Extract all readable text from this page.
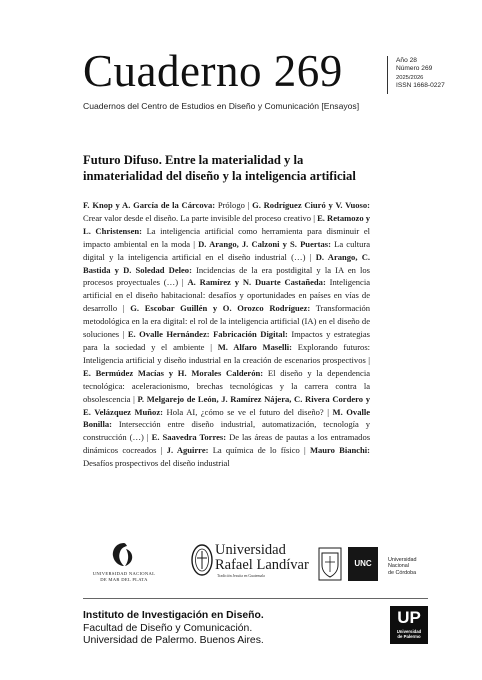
Cuaderno 269
Cuadernos del Centro de Estudios en Diseño y Comunicación [Ensayos]
Año 28
Número 269
2025/2026
ISSN 1668-0227
Futuro Difuso. Entre la materialidad y la inmaterialidad del diseño y la inteligencia artificial
F. Knop y A. García de la Cárcova: Prólogo | G. Rodríguez Ciuró y V. Vuoso: Crear valor desde el diseño. La parte invisible del proceso creativo | E. Retamozo y L. Christensen: La inteligencia artificial como herramienta para disminuir el impacto ambiental en la moda | D. Arango, J. Calzoni y S. Puertas: La cultura digital y la inteligencia artificial en el diseño industrial (…) | D. Arango, C. Bastida y D. Soledad Deleo: Incidencias de la era postdigital y la IA en los procesos proyectuales (…) | A. Ramírez y N. Duarte Castañeda: Inteligencia artificial en el diseño habitacional: desafíos y oportunidades en países en vías de desarrollo | G. Escobar Guillén y O. Orozco Rodríguez: Transformación metodológica en la era digital: el rol de la inteligencia artificial (IA) en el diseño de soluciones | E. Ovalle Hernández: Fabricación Digital: Impactos y estrategias para la sociedad y el ambiente | M. Alfaro Maselli: Explorando futuros: Inteligencia artificial y diseño industrial en la creación de escenarios prospectivos | E. Bermúdez Macías y H. Morales Calderón: El diseño y la dependencia tecnológica: aceleracionismo, brechas tecnológicas y la carrera contra la obsolescencia | P. Melgarejo de León, J. Ramírez Nájera, C. Rivera Cordero y E. Velázquez Muñoz: Hola AI, ¿cómo se ve el futuro del diseño? | M. Ovalle Bonilla: Intersección entre diseño industrial, automatización, tecnología y construcción (…) | E. Saavedra Torres: De las áreas de pautas a los entramados dinámicos cocreados | J. Aguirre: La química de lo físico | Mauro Bianchi: Desafíos prospectivos del diseño industrial
UNIVERSIDAD NACIONAL
DE MAR DEL PLATA
Universidad
Rafael Landívar
Tradición Jesuita en Guatemala
UNC	Universidad
Nacional
de Córdoba
Instituto de Investigación en Diseño.
Facultad de Diseño y Comunicación.
Universidad de Palermo. Buenos Aires.
UP
Universidad
de Palermo
